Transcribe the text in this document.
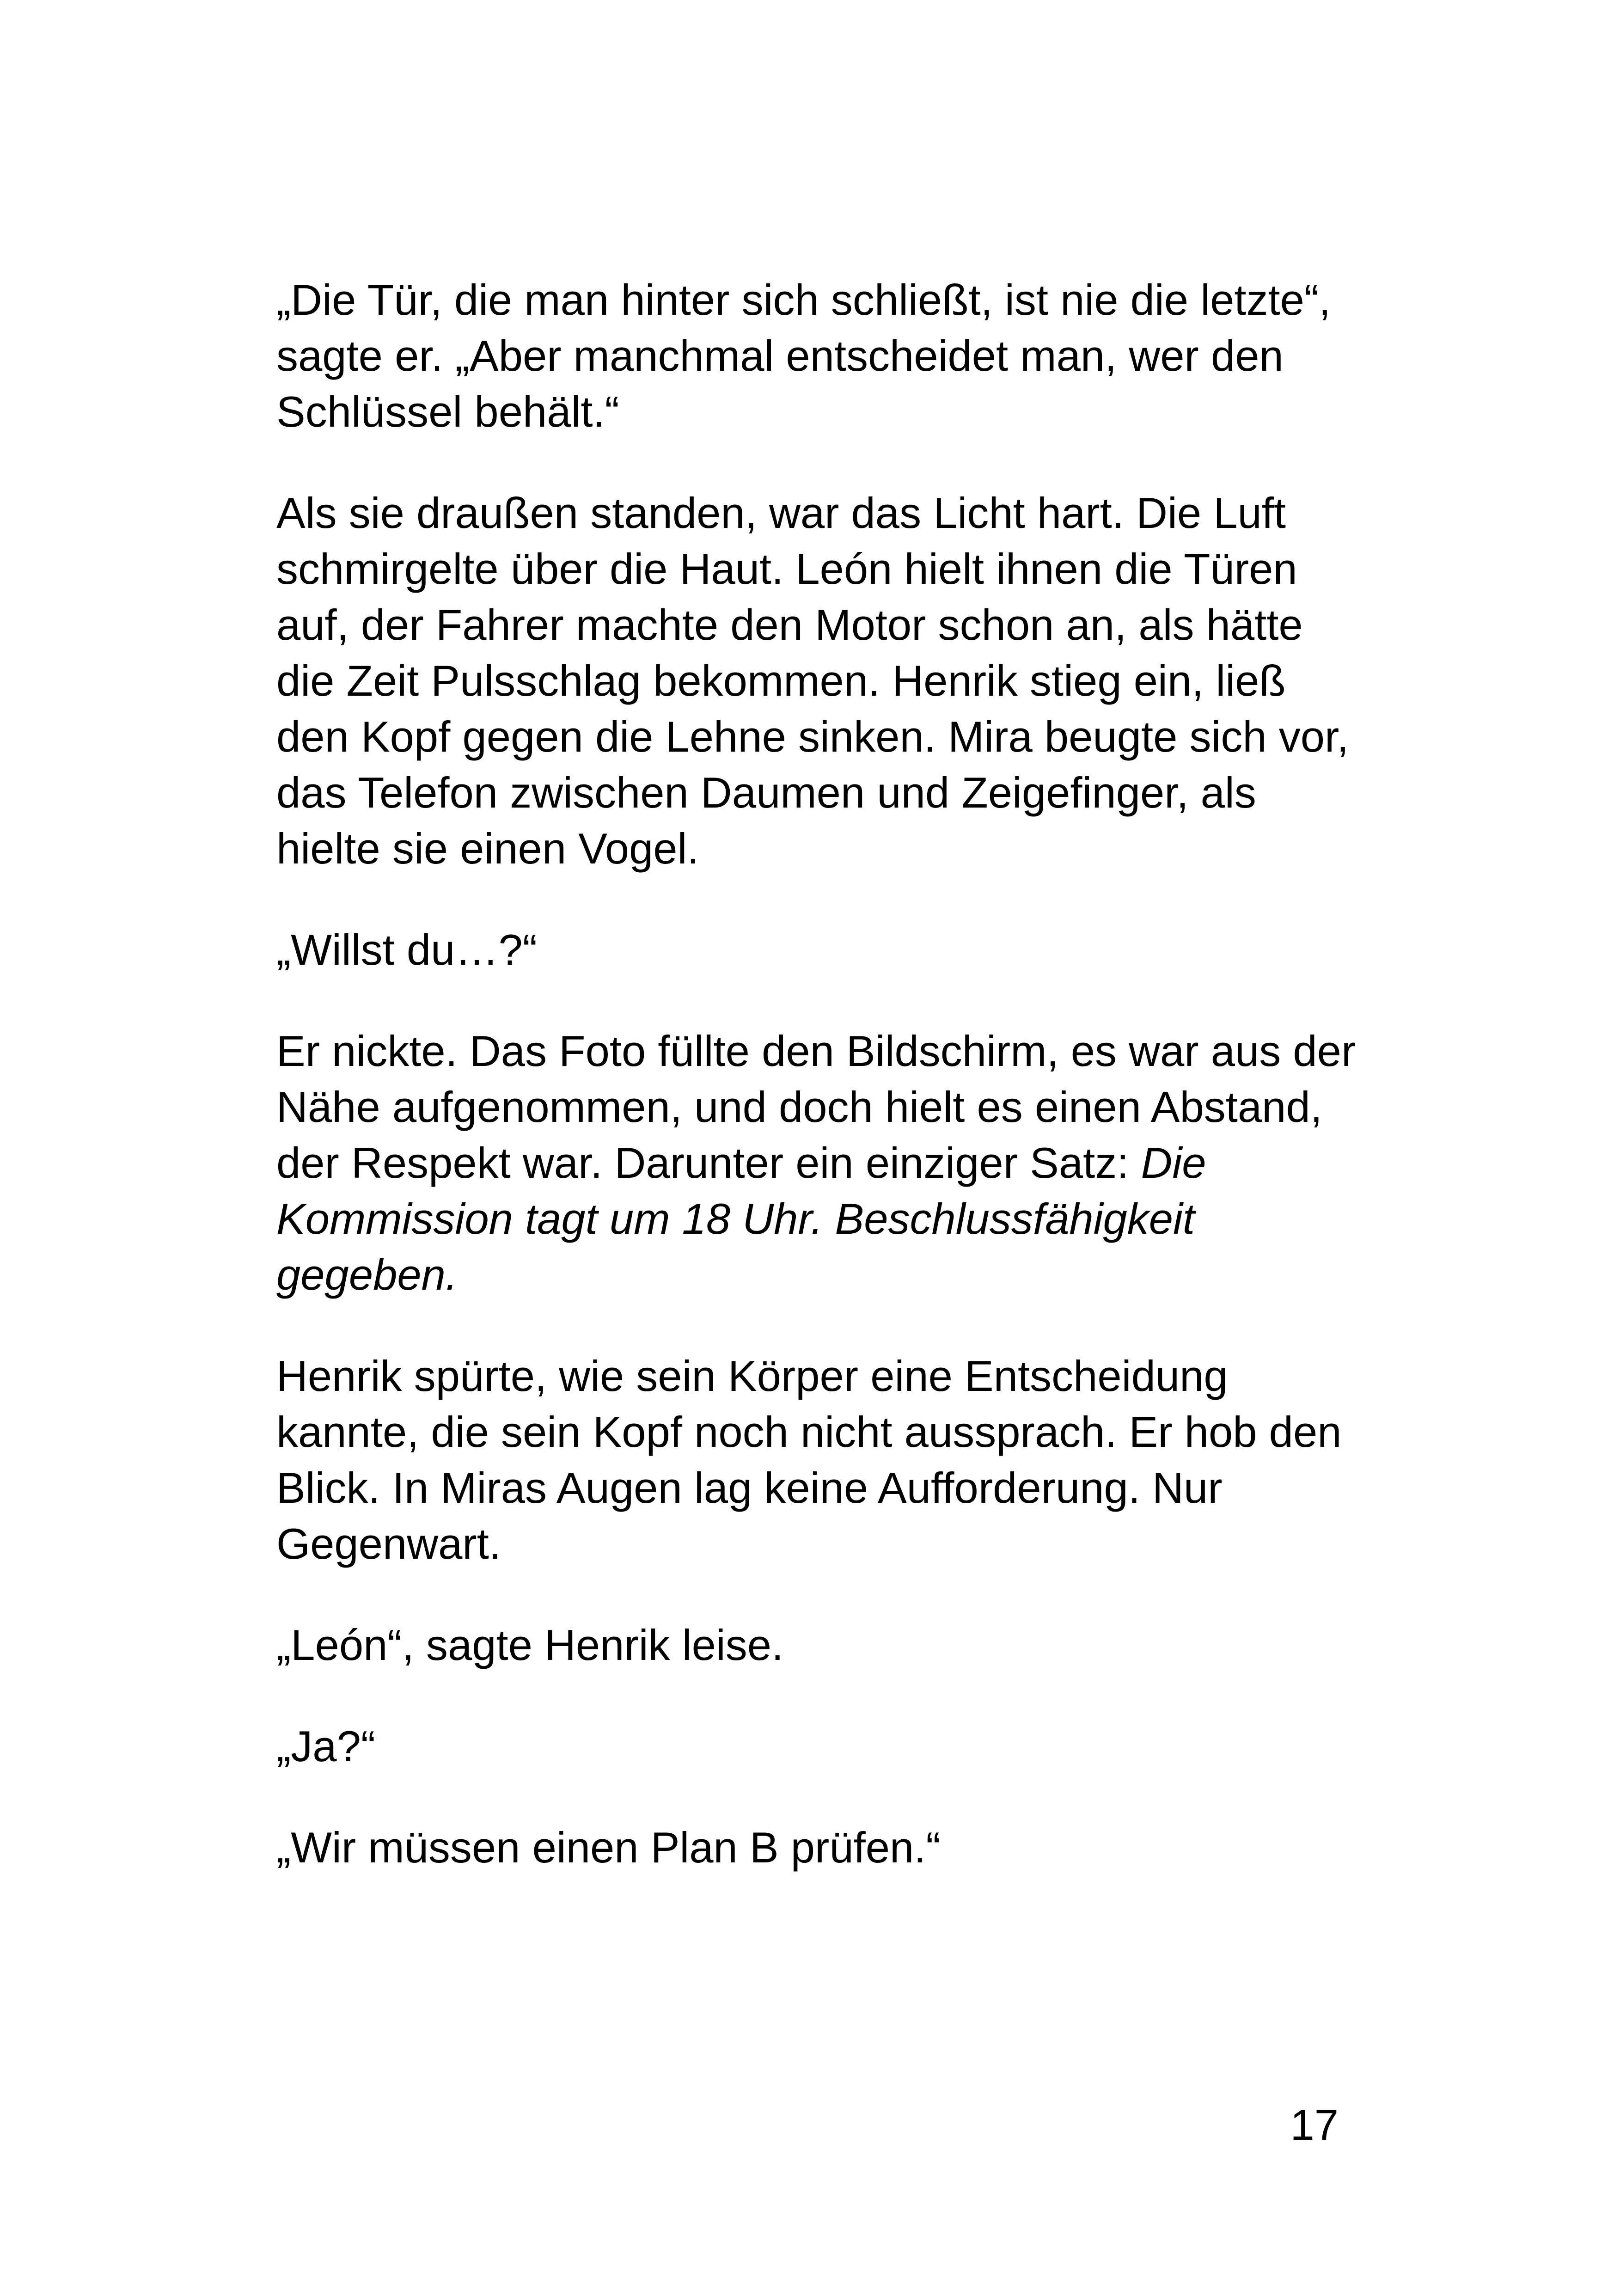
„Die Tür, die man hinter sich schließt, ist nie die letzte“,
sagte er. „Aber manchmal entscheidet man, wer den
Schlüssel behält.“

Als sie draußen standen, war das Licht hart. Die Luft
schmirgelte über die Haut. León hielt ihnen die Türen
auf, der Fahrer machte den Motor schon an, als hätte
die Zeit Pulsschlag bekommen. Henrik stieg ein, ließ
den Kopf gegen die Lehne sinken. Mira beugte sich vor,
das Telefon zwischen Daumen und Zeigefinger, als
hielte sie einen Vogel.

„Willst du…?“

Er nickte. Das Foto füllte den Bildschirm, es war aus der
Nähe aufgenommen, und doch hielt es einen Abstand,
der Respekt war. Darunter ein einziger Satz: Die
Kommission tagt um 18 Uhr. Beschlussfähigkeit
gegeben.

Henrik spürte, wie sein Körper eine Entscheidung
kannte, die sein Kopf noch nicht aussprach. Er hob den
Blick. In Miras Augen lag keine Aufforderung. Nur
Gegenwart.

„León“, sagte Henrik leise.

„Ja?“

„Wir müssen einen Plan B prüfen.“

17
